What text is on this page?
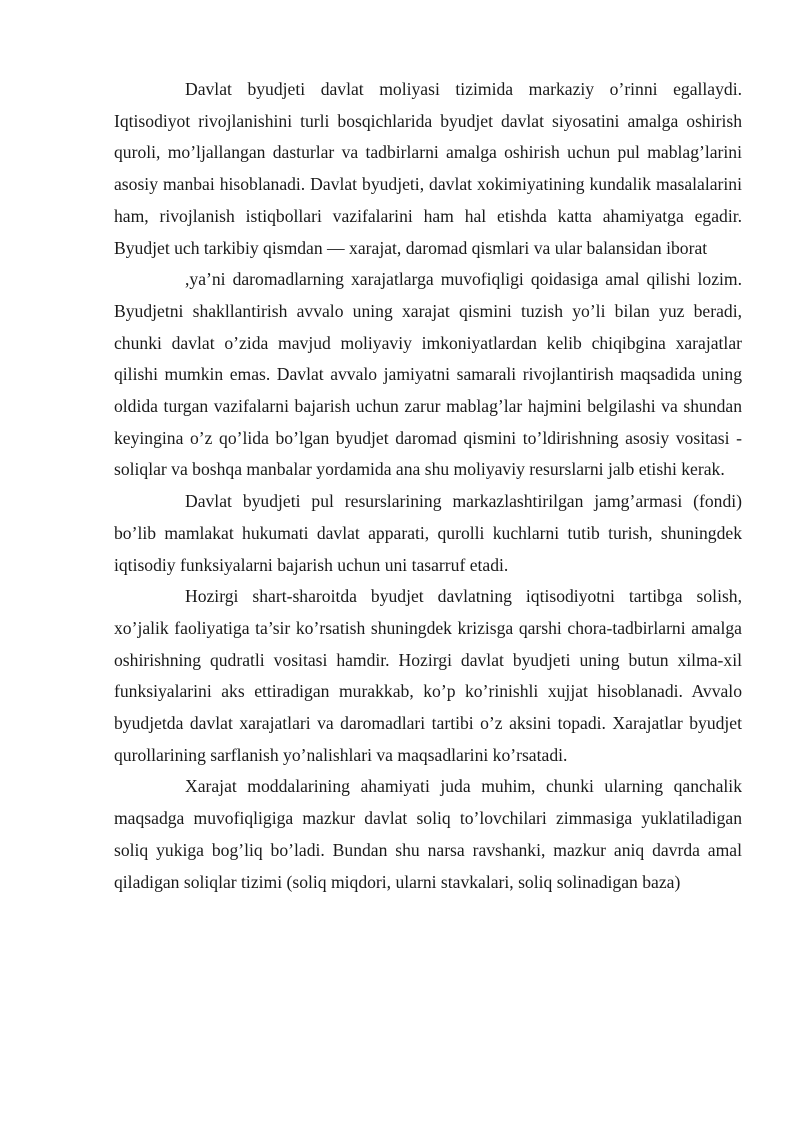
Davlat byudjeti davlat moliyasi tizimida markaziy o’rinni egallaydi. Iqtisodiyot rivojlanishini turli bosqichlarida byudjet davlat siyosatini amalga oshirish quroli, mo’ljallangan dasturlar va tadbirlarni amalga oshirish uchun pul mablag’larini asosiy manbai hisoblanadi. Davlat byudjeti, davlat xokimiyatining kundalik masalalarini ham, rivojlanish istiqbollari vazifalarini ham hal etishda katta ahamiyatga egadir. Byudjet uch tarkibiy qismdan — xarajat, daromad qismlari va ular balansidan iborat

,ya’ni daromadlarning xarajatlarga muvofiqligi qoidasiga amal qilishi lozim. Byudjetni shakllantirish avvalo uning xarajat qismini tuzish yo’li bilan yuz beradi, chunki davlat o’zida mavjud moliyaviy imkoniyatlardan kelib chiqibgina xarajatlar qilishi mumkin emas. Davlat avvalo jamiyatni samarali rivojlantirish maqsadida uning oldida turgan vazifalarni bajarish uchun zarur mablag’lar hajmini belgilashi va shundan keyingina o’z qo’lida bo’lgan byudjet daromad qismini to’ldirishning asosiy vositasi - soliqlar va boshqa manbalar yordamida ana shu moliyaviy resurslarni jalb etishi kerak.

Davlat byudjeti pul resurslarining markazlashtirilgan jamg’armasi (fondi) bo’lib mamlakat hukumati davlat apparati, qurolli kuchlarni tutib turish, shuningdek iqtisodiy funksiyalarni bajarish uchun uni tasarruf etadi.

Hozirgi shart-sharoitda byudjet davlatning iqtisodiyotni tartibga solish, xo’jalik faoliyatiga ta’sir ko’rsatish shuningdek krizisga qarshi chora-tadbirlarni amalga oshirishning qudratli vositasi hamdir. Hozirgi davlat byudjeti uning butun xilma-xil funksiyalarini aks ettiradigan murakkab, ko’p ko’rinishli xujjat hisoblanadi. Avvalo byudjetda davlat xarajatlari va daromadlari tartibi o’z aksini topadi. Xarajatlar byudjet qurollarining sarflanish yo’nalishlari va maqsadlarini ko’rsatadi.

Xarajat moddalarining ahamiyati juda muhim, chunki ularning qanchalik maqsadga muvofiqligiga mazkur davlat soliq to’lovchilari zimmasiga yuklatiladigan soliq yukiga bog’liq bo’ladi. Bundan shu narsa ravshanki, mazkur aniq davrda amal qiladigan soliqlar tizimi (soliq miqdori, ularni stavkalari, soliq solinadigan baza)
